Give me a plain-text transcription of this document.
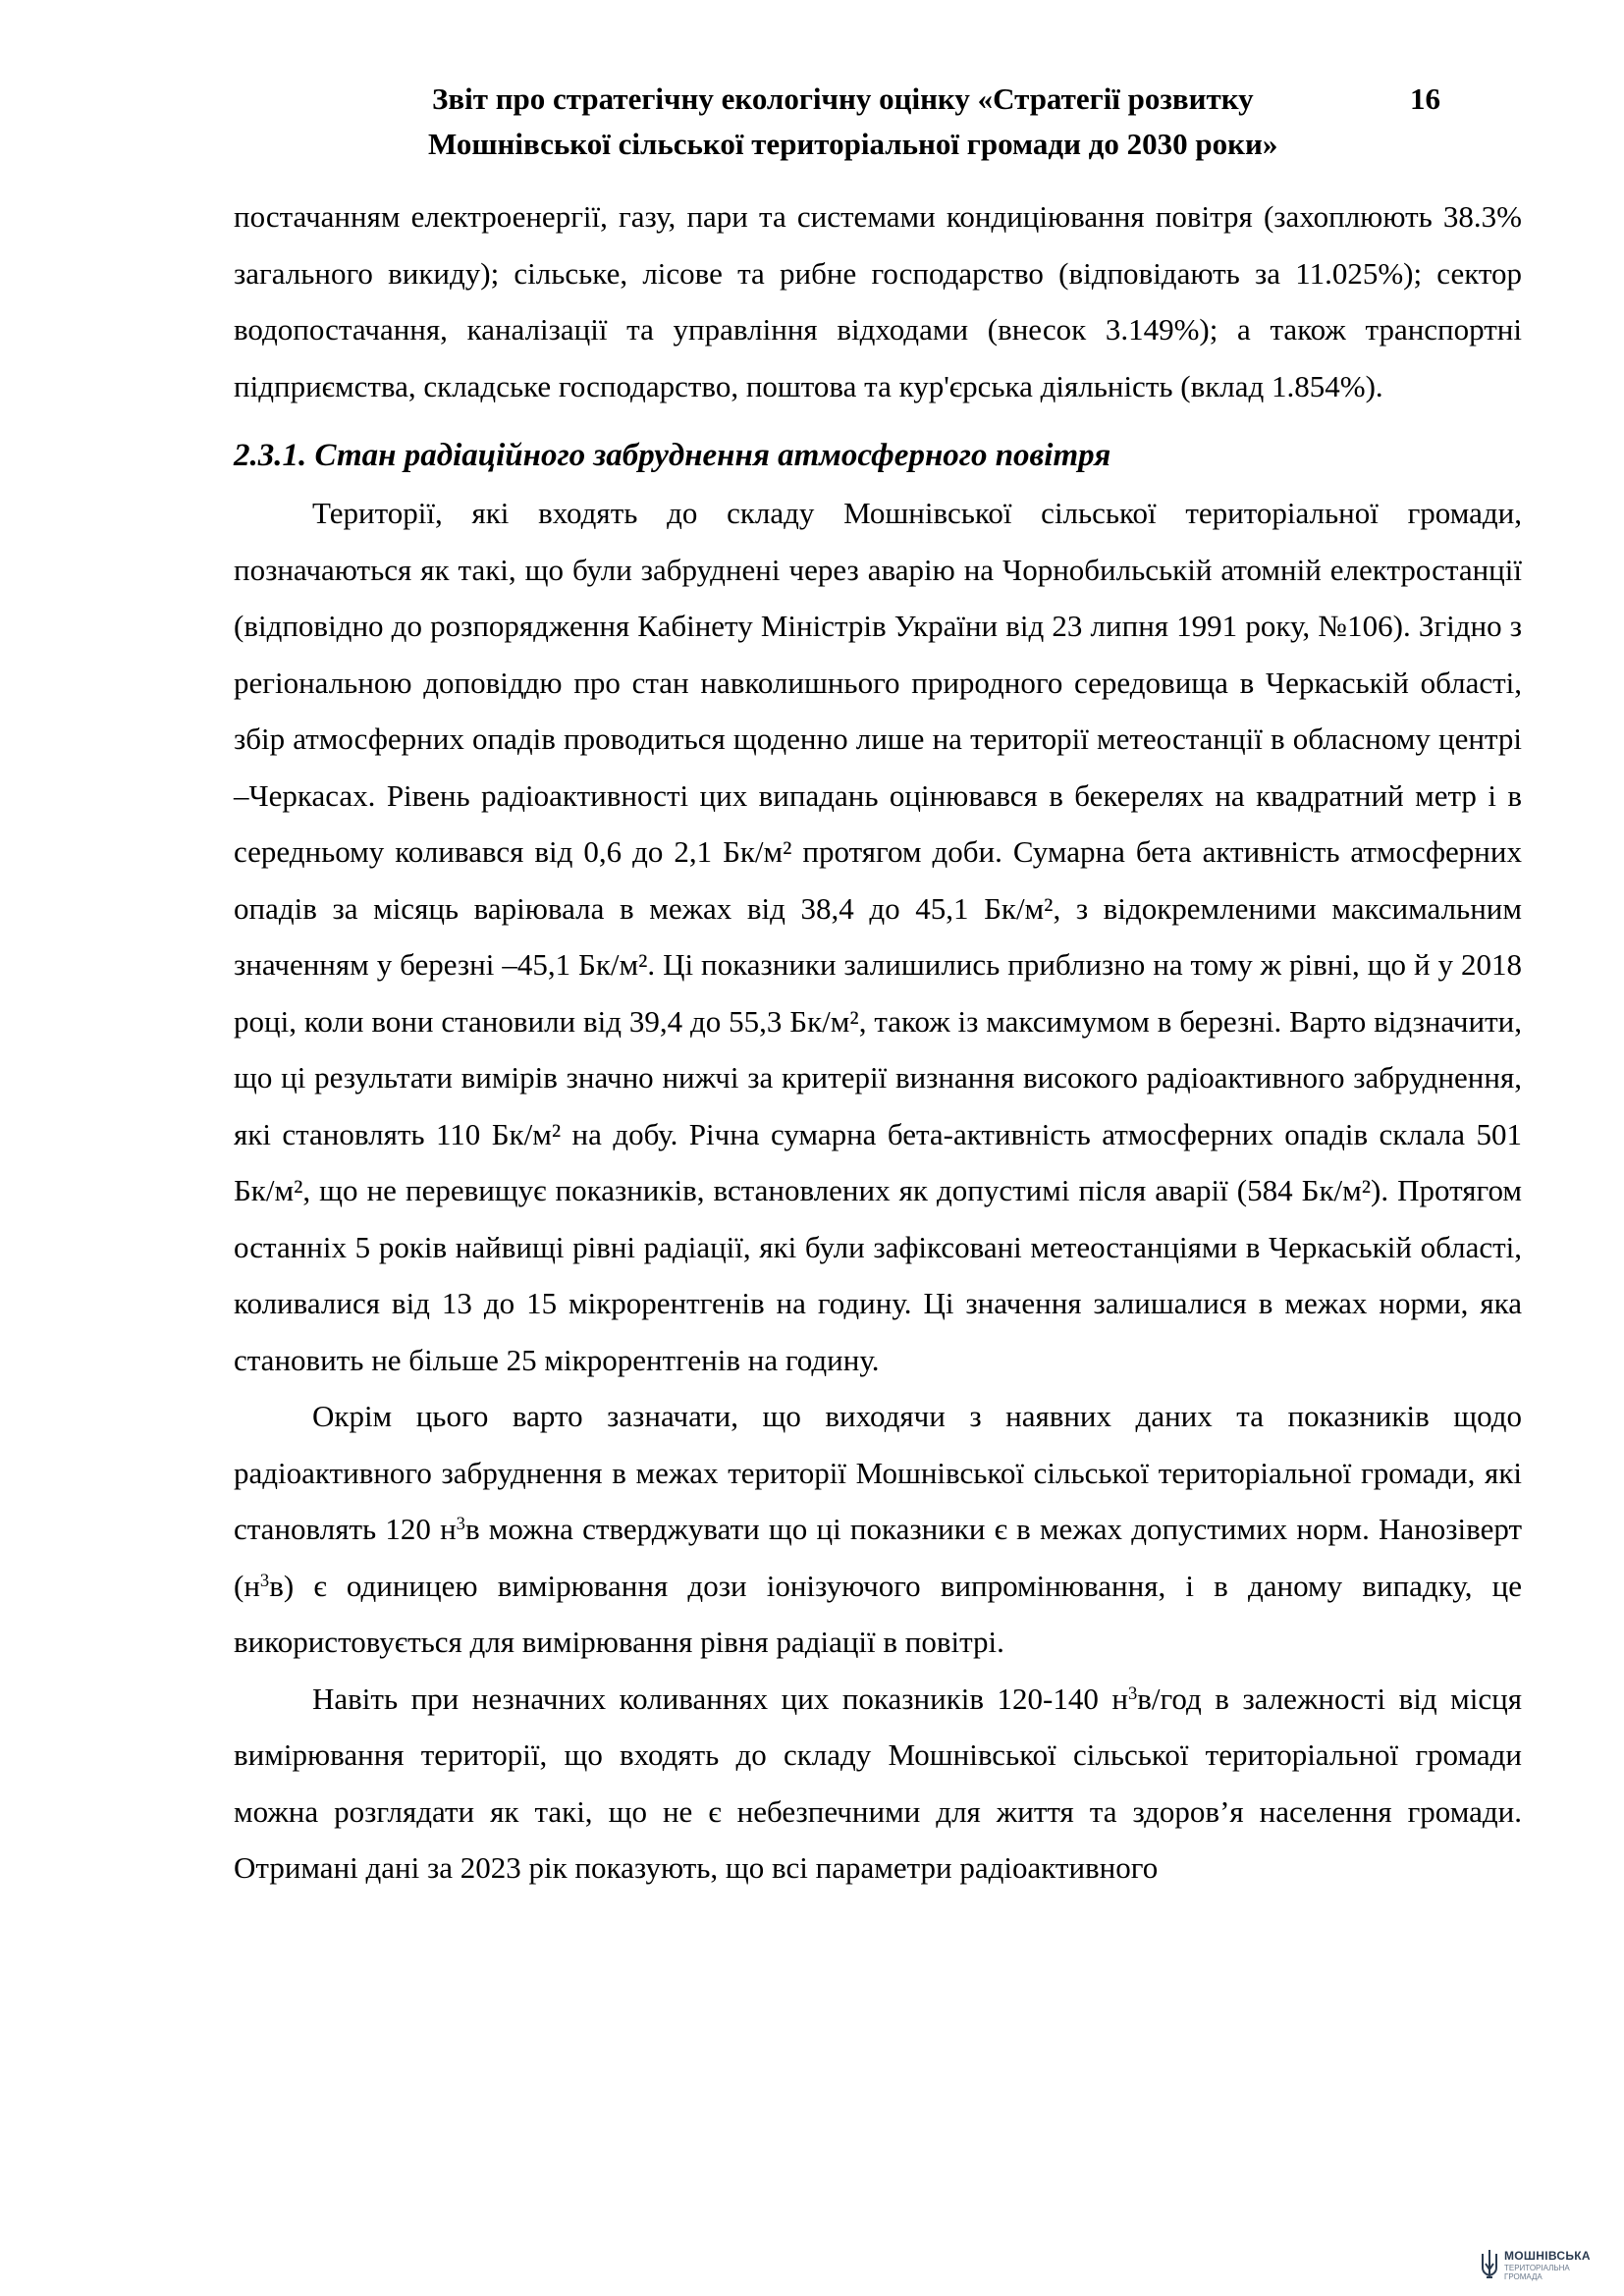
Звіт про стратегічну екологічну оцінку «Стратегії розвитку
Мошнівської сільської територіальної громади до 2030 роки»
16

постачанням електроенергії, газу, пари та системами кондиціювання повітря (захоплюють 38.3% загального викиду); сільське, лісове та рибне господарство (відповідають за 11.025%); сектор водопостачання, каналізації та управління відходами (внесок 3.149%); а також транспортні підприємства, складське господарство, поштова та кур'єрська діяльність (вклад 1.854%).

2.3.1. Стан радіаційного забруднення атмосферного повітря

Території, які входять до складу Мошнівської сільської територіальної громади, позначаються як такі, що були забруднені через аварію на Чорнобильській атомній електростанції (відповідно до розпорядження Кабінету Міністрів України від 23 липня 1991 року, №106). Згідно з регіональною доповіддю про стан навколишнього природного середовища в Черкаській області, збір атмосферних опадів проводиться щоденно лише на території метеостанції в обласному центрі ‒Черкасах. Рівень радіоактивності цих випадань оцінювався в бекерелях на квадратний метр і в середньому коливався від 0,6 до 2,1 Бк/м² протягом доби. Сумарна бета активність атмосферних опадів за місяць варіювала в межах від 38,4 до 45,1 Бк/м², з відокремленими максимальним значенням у березні ‒45,1 Бк/м². Ці показники залишились приблизно на тому ж рівні, що й у 2018 році, коли вони становили від 39,4 до 55,3 Бк/м², також із максимумом в березні. Варто відзначити, що ці результати вимірів значно нижчі за критерії визнання високого радіоактивного забруднення, які становлять 110 Бк/м² на добу. Річна сумарна бета-активність атмосферних опадів склала 501 Бк/м², що не перевищує показників, встановлених як допустимі після аварії (584 Бк/м²). Протягом останніх 5 років найвищі рівні радіації, які були зафіксовані метеостанціями в Черкаській області, коливалися від 13 до 15 мікрорентгенів на годину. Ці значення залишалися в межах норми, яка становить не більше 25 мікрорентгенів на годину.

Окрім цього варто зазначати, що виходячи з наявних даних та показників щодо радіоактивного забруднення в межах території Мошнівської сільської територіальної громади, які становлять 120 $н^3в$ можна стверджувати що ці показники є в межах допустимих норм. Нанозіверт $(н^3в)$ є одиницею вимірювання дози іонізуючого випромінювання, і в даному випадку, це використовується для вимірювання рівня радіації в повітрі.

Навіть при незначних коливаннях цих показників 120-140 $н^3в$/год в залежності від місця вимірювання території, що входять до складу Мошнівської сільської територіальної громади можна розглядати як такі, що не є небезпечними для життя та здоров’я населення громади. Отримані дані за 2023 рік показують, що всі параметри радіоактивного

МОШНІВСЬКА
ТЕРИТОРІАЛЬНА
ГРОМАДА
